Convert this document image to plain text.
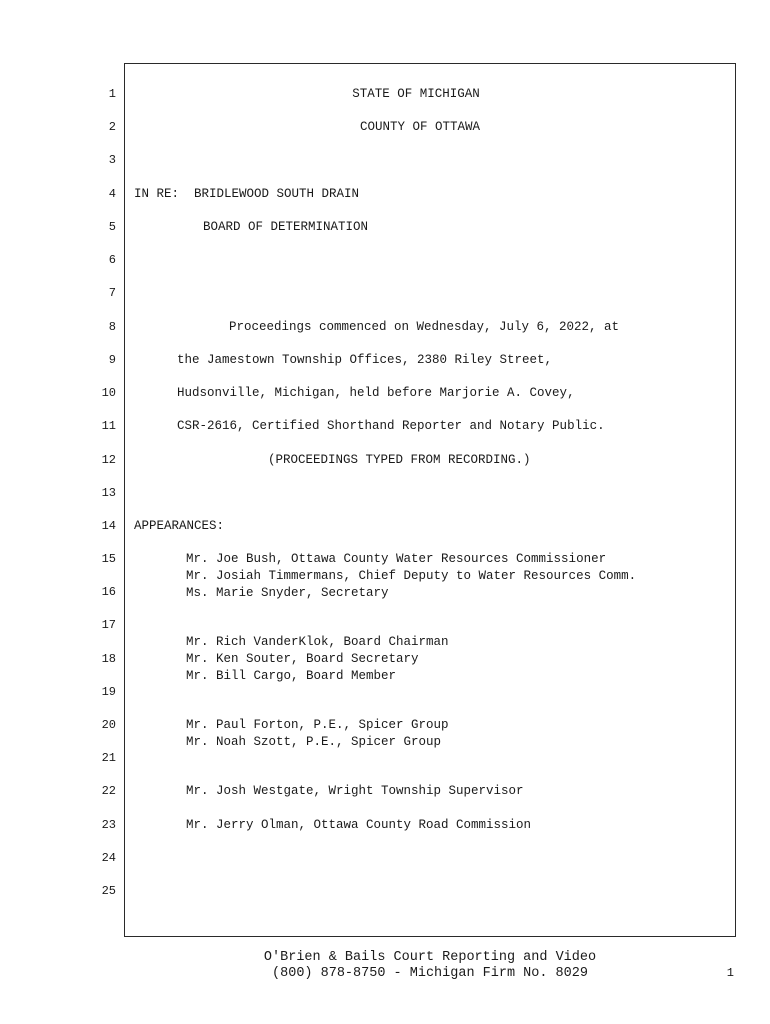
1
2
3
4
5
6
7
8
9
10
11
12
13
14
15
16
17
18
19
20
21
22
23
24
25
STATE OF MICHIGAN
COUNTY OF OTTAWA
IN RE:  BRIDLEWOOD SOUTH DRAIN
BOARD OF DETERMINATION
Proceedings commenced on Wednesday, July 6, 2022, at
the Jamestown Township Offices, 2380 Riley Street,
Hudsonville, Michigan, held before Marjorie A. Covey,
CSR-2616, Certified Shorthand Reporter and Notary Public.
(PROCEEDINGS TYPED FROM RECORDING.)
APPEARANCES:
Mr. Joe Bush, Ottawa County Water Resources Commissioner
Mr. Josiah Timmermans, Chief Deputy to Water Resources Comm.
Ms. Marie Snyder, Secretary
Mr. Rich VanderKlok, Board Chairman
Mr. Ken Souter, Board Secretary
Mr. Bill Cargo, Board Member
Mr. Paul Forton, P.E., Spicer Group
Mr. Noah Szott, P.E., Spicer Group
Mr. Josh Westgate, Wright Township Supervisor
Mr. Jerry Olman, Ottawa County Road Commission
O'Brien & Bails Court Reporting and Video
(800) 878-8750 - Michigan Firm No. 8029	1
